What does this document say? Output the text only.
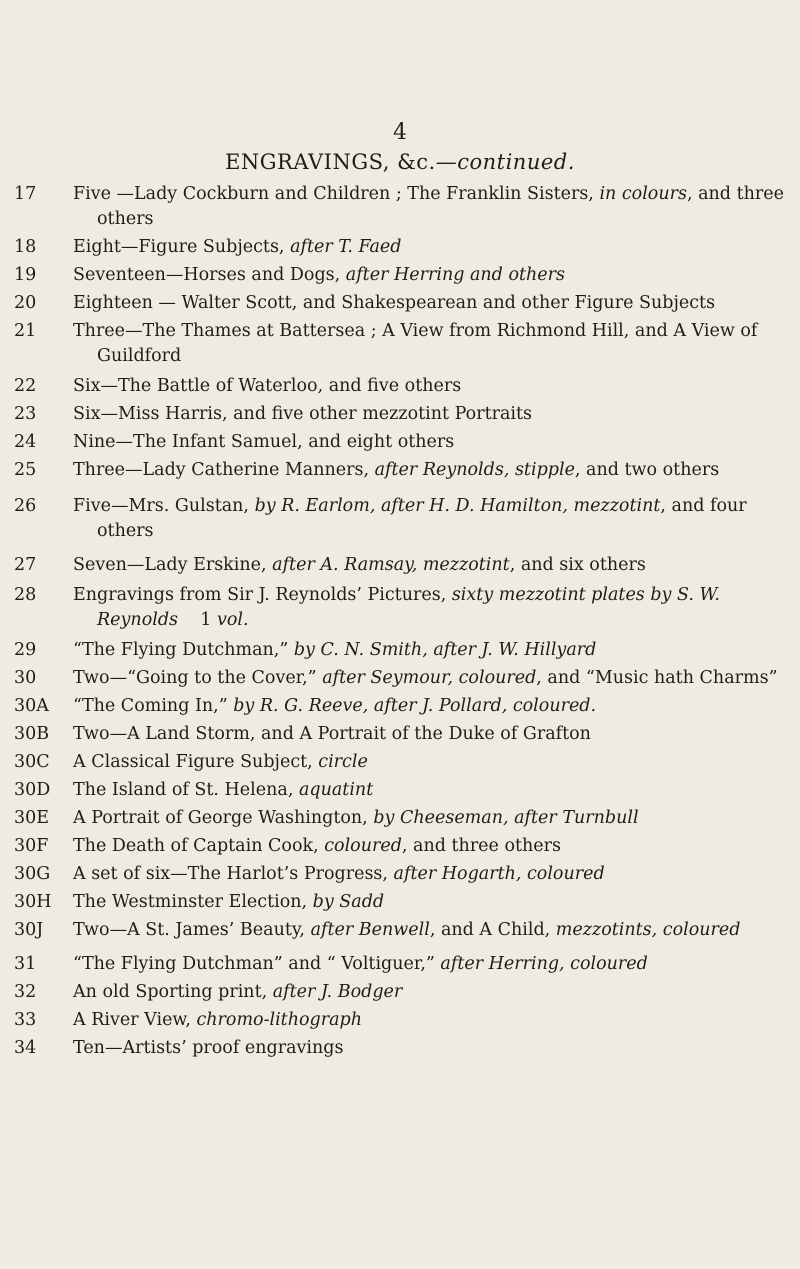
4
ENGRAVINGS, &c.—continued.
17	Five —Lady Cockburn and Children ; The Franklin Sisters, in colours, and three others
18	Eight—Figure Subjects, after T. Faed
19	Seventeen—Horses and Dogs, after Herring and others
20	Eighteen — Walter Scott, and Shakespearean and other Figure Subjects
21	Three—The Thames at Battersea ; A View from Richmond Hill, and A View of Guildford
22	Six—The Battle of Waterloo, and five others
23	Six—Miss Harris, and five other mezzotint Portraits
24	Nine—The Infant Samuel, and eight others
25	Three—Lady Catherine Manners, after Reynolds, stipple, and two others
26	Five—Mrs. Gulstan, by R. Earlom, after H. D. Hamilton, mezzotint, and four others
27	Seven—Lady Erskine, after A. Ramsay, mezzotint, and six others
28	Engravings from Sir J. Reynolds’ Pictures, sixty mezzotint plates by S. W. Reynolds    1 vol.
29	“The Flying Dutchman,” by C. N. Smith, after J. W. Hillyard
30	Two—“Going to the Cover,” after Seymour, coloured, and “Music hath Charms”
30A	“The Coming In,” by R. G. Reeve, after J. Pollard, coloured.
30B	Two—A Land Storm, and A Portrait of the Duke of Grafton
30C	A Classical Figure Subject, circle
30D	The Island of St. Helena, aquatint
30E	A Portrait of George Washington, by Cheeseman, after Turnbull
30F	The Death of Captain Cook, coloured, and three others
30G	A set of six—The Harlot’s Progress, after Hogarth, coloured
30H	The Westminster Election, by Sadd
30J	Two—A St. James’ Beauty, after Benwell, and A Child, mezzotints, coloured
31	“The Flying Dutchman” and “ Voltiguer,” after Herring, coloured
32	An old Sporting print, after J. Bodger
33	A River View, chromo-lithograph
34	Ten—Artists’ proof engravings
